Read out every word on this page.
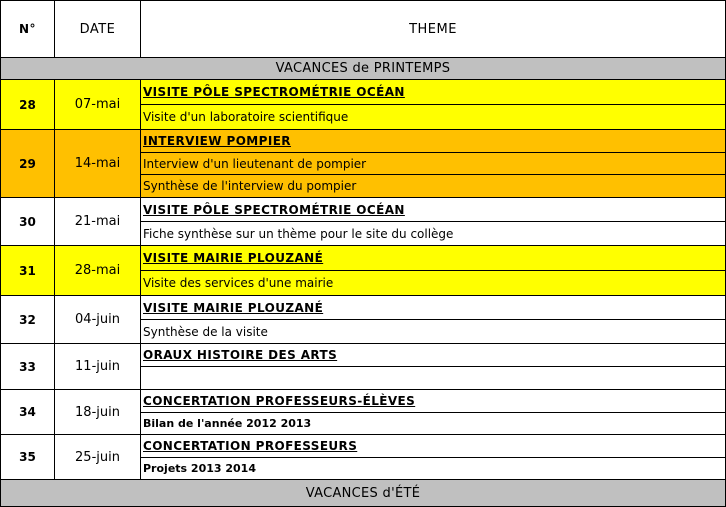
N°	DATE	THEME
VACANCES de PRINTEMPS
28	07-mai
VISITE PÔLE SPECTROMÉTRIE OCÉAN
Visite d'un laboratoire scientifique
29	14-mai
INTERVIEW POMPIER
Interview d'un lieutenant de pompier
Synthèse de l'interview du pompier
30	21-mai
VISITE PÔLE SPECTROMÉTRIE OCÉAN
Fiche synthèse sur un thème pour le site du collège
31	28-mai
VISITE MAIRIE PLOUZANÉ
Visite des services d'une mairie
32	04-juin
VISITE MAIRIE PLOUZANÉ
Synthèse de la visite
33	11-juin
ORAUX HISTOIRE DES ARTS
34	18-juin
CONCERTATION PROFESSEURS-ÉLÈVES
Bilan de l'année 2012 2013
35	25-juin
CONCERTATION PROFESSEURS
Projets 2013 2014
VACANCES d'ÉTÉ
